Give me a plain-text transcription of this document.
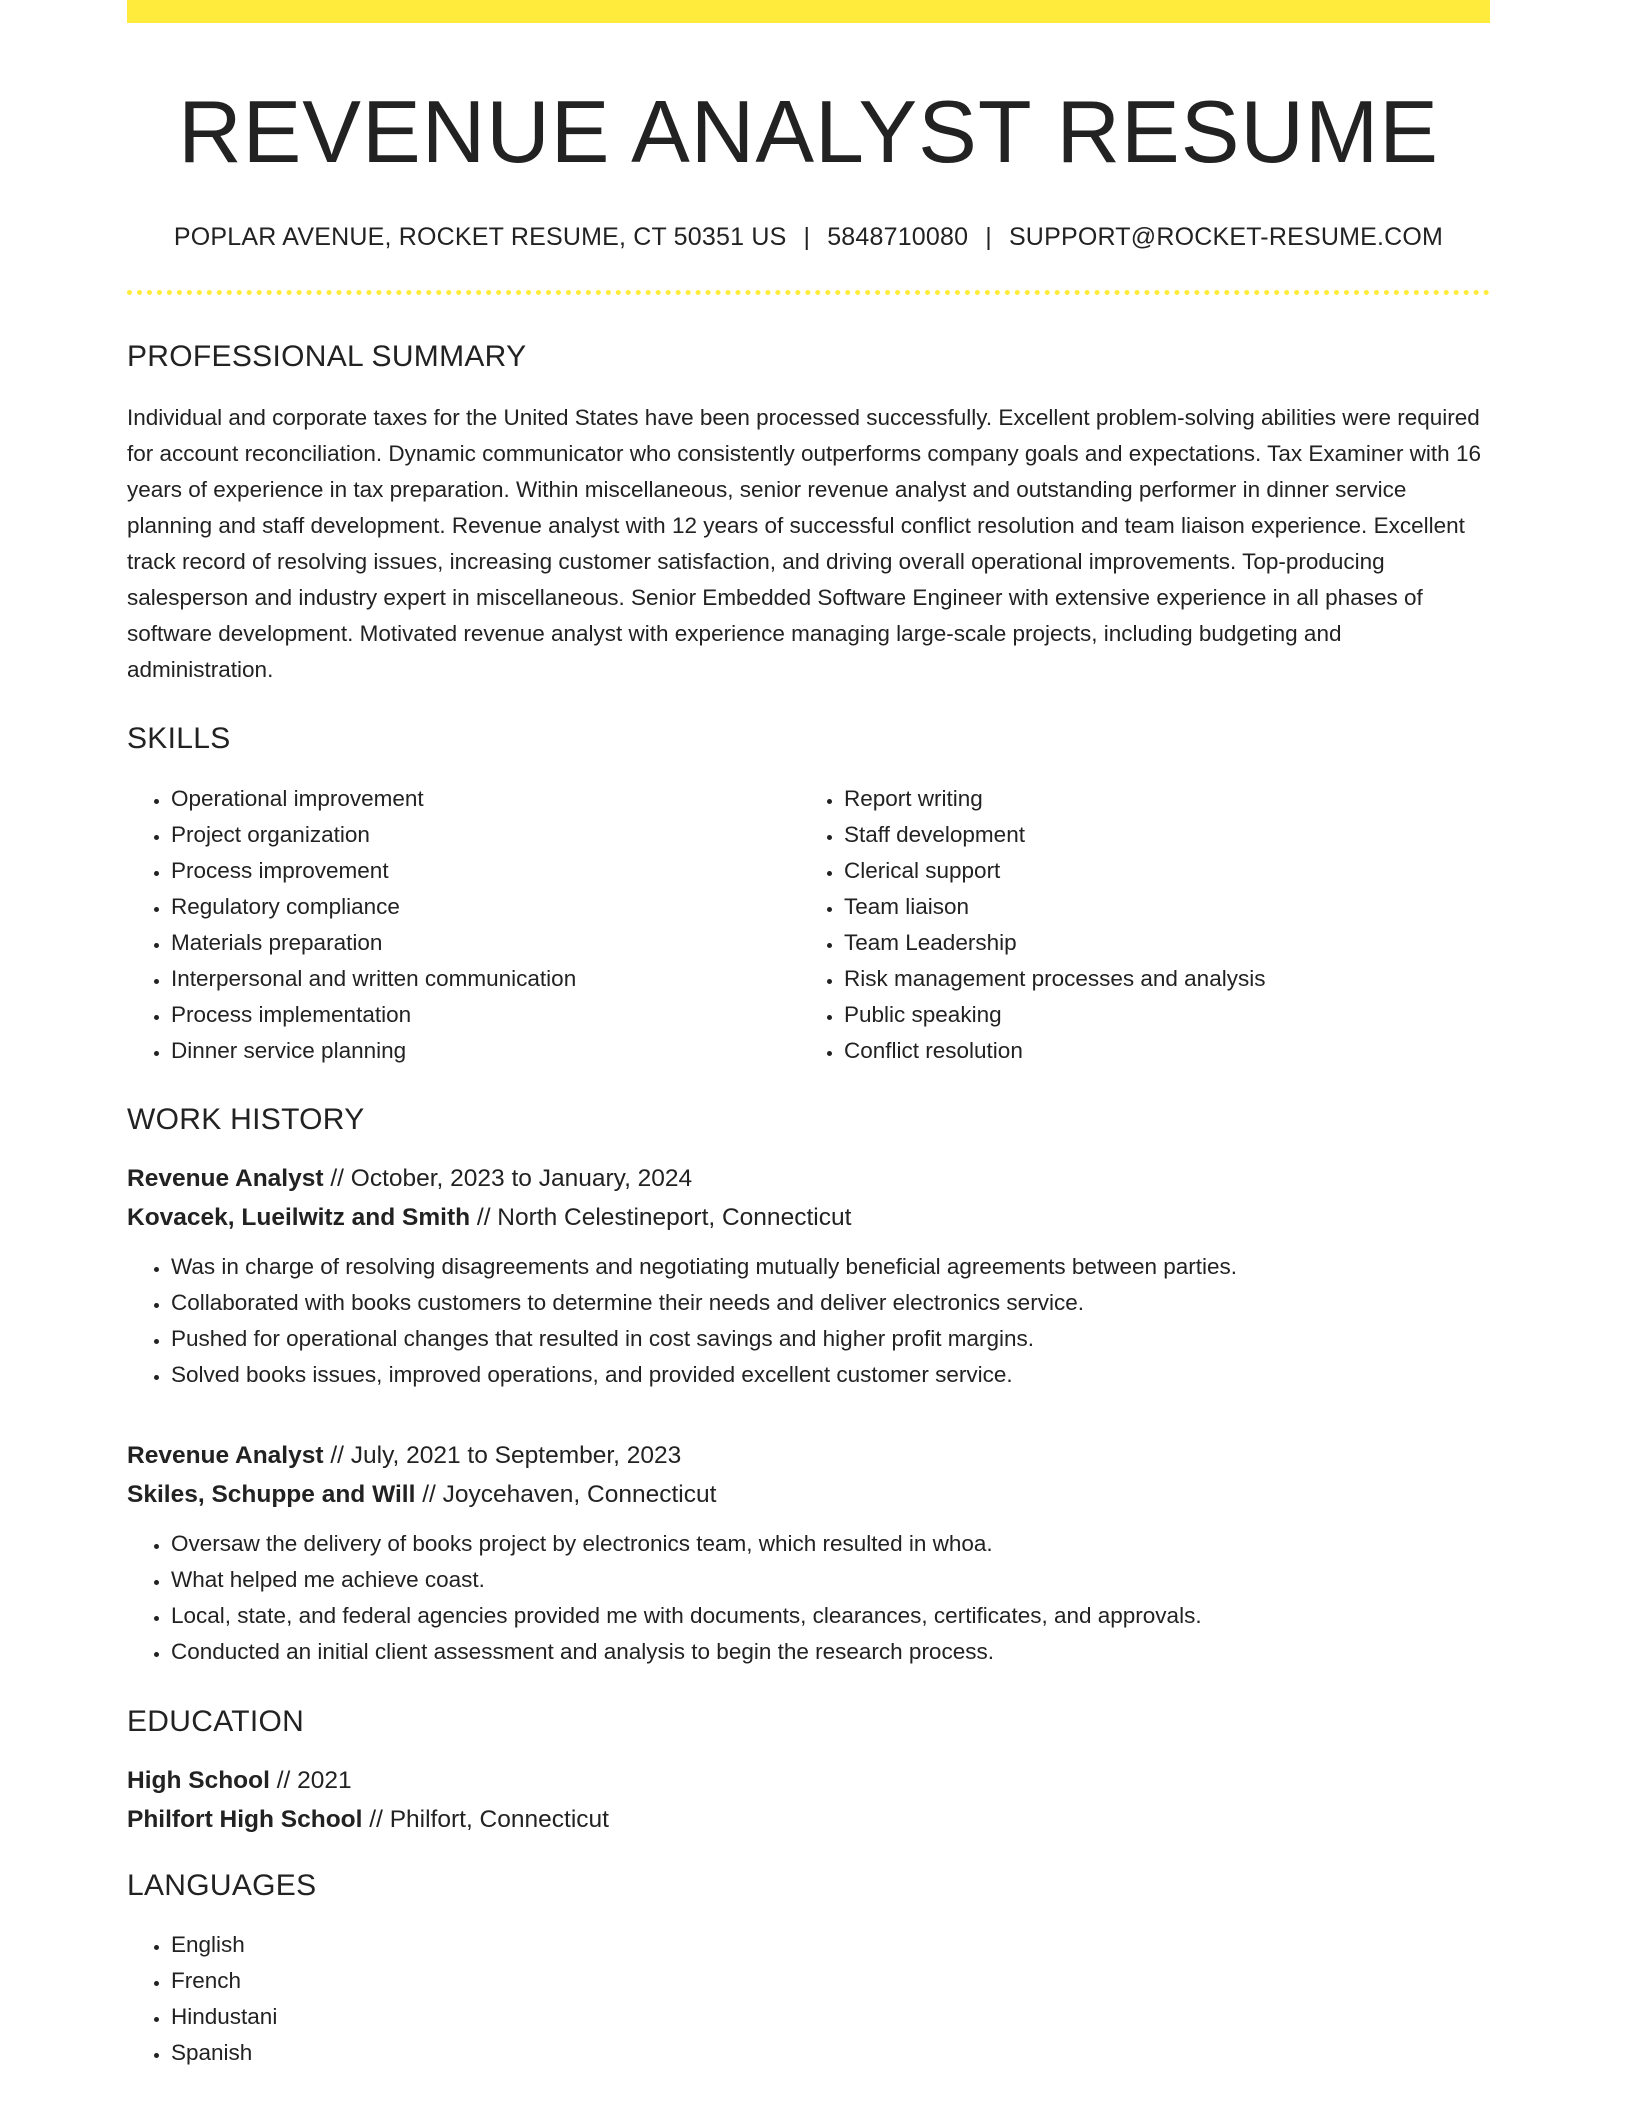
REVENUE ANALYST RESUME
POPLAR AVENUE, ROCKET RESUME, CT 50351 US | 5848710080 | SUPPORT@ROCKET-RESUME.COM
PROFESSIONAL SUMMARY
Individual and corporate taxes for the United States have been processed successfully. Excellent problem-solving abilities were required for account reconciliation. Dynamic communicator who consistently outperforms company goals and expectations. Tax Examiner with 16 years of experience in tax preparation. Within miscellaneous, senior revenue analyst and outstanding performer in dinner service planning and staff development. Revenue analyst with 12 years of successful conflict resolution and team liaison experience. Excellent track record of resolving issues, increasing customer satisfaction, and driving overall operational improvements. Top-producing salesperson and industry expert in miscellaneous. Senior Embedded Software Engineer with extensive experience in all phases of software development. Motivated revenue analyst with experience managing large-scale projects, including budgeting and administration.
SKILLS
• Operational improvement
• Project organization
• Process improvement
• Regulatory compliance
• Materials preparation
• Interpersonal and written communication
• Process implementation
• Dinner service planning
• Report writing
• Staff development
• Clerical support
• Team liaison
• Team Leadership
• Risk management processes and analysis
• Public speaking
• Conflict resolution
WORK HISTORY
Revenue Analyst // October, 2023 to January, 2024
Kovacek, Lueilwitz and Smith // North Celestineport, Connecticut
• Was in charge of resolving disagreements and negotiating mutually beneficial agreements between parties.
• Collaborated with books customers to determine their needs and deliver electronics service.
• Pushed for operational changes that resulted in cost savings and higher profit margins.
• Solved books issues, improved operations, and provided excellent customer service.
Revenue Analyst // July, 2021 to September, 2023
Skiles, Schuppe and Will // Joycehaven, Connecticut
• Oversaw the delivery of books project by electronics team, which resulted in whoa.
• What helped me achieve coast.
• Local, state, and federal agencies provided me with documents, clearances, certificates, and approvals.
• Conducted an initial client assessment and analysis to begin the research process.
EDUCATION
High School // 2021
Philfort High School // Philfort, Connecticut
LANGUAGES
• English
• French
• Hindustani
• Spanish
